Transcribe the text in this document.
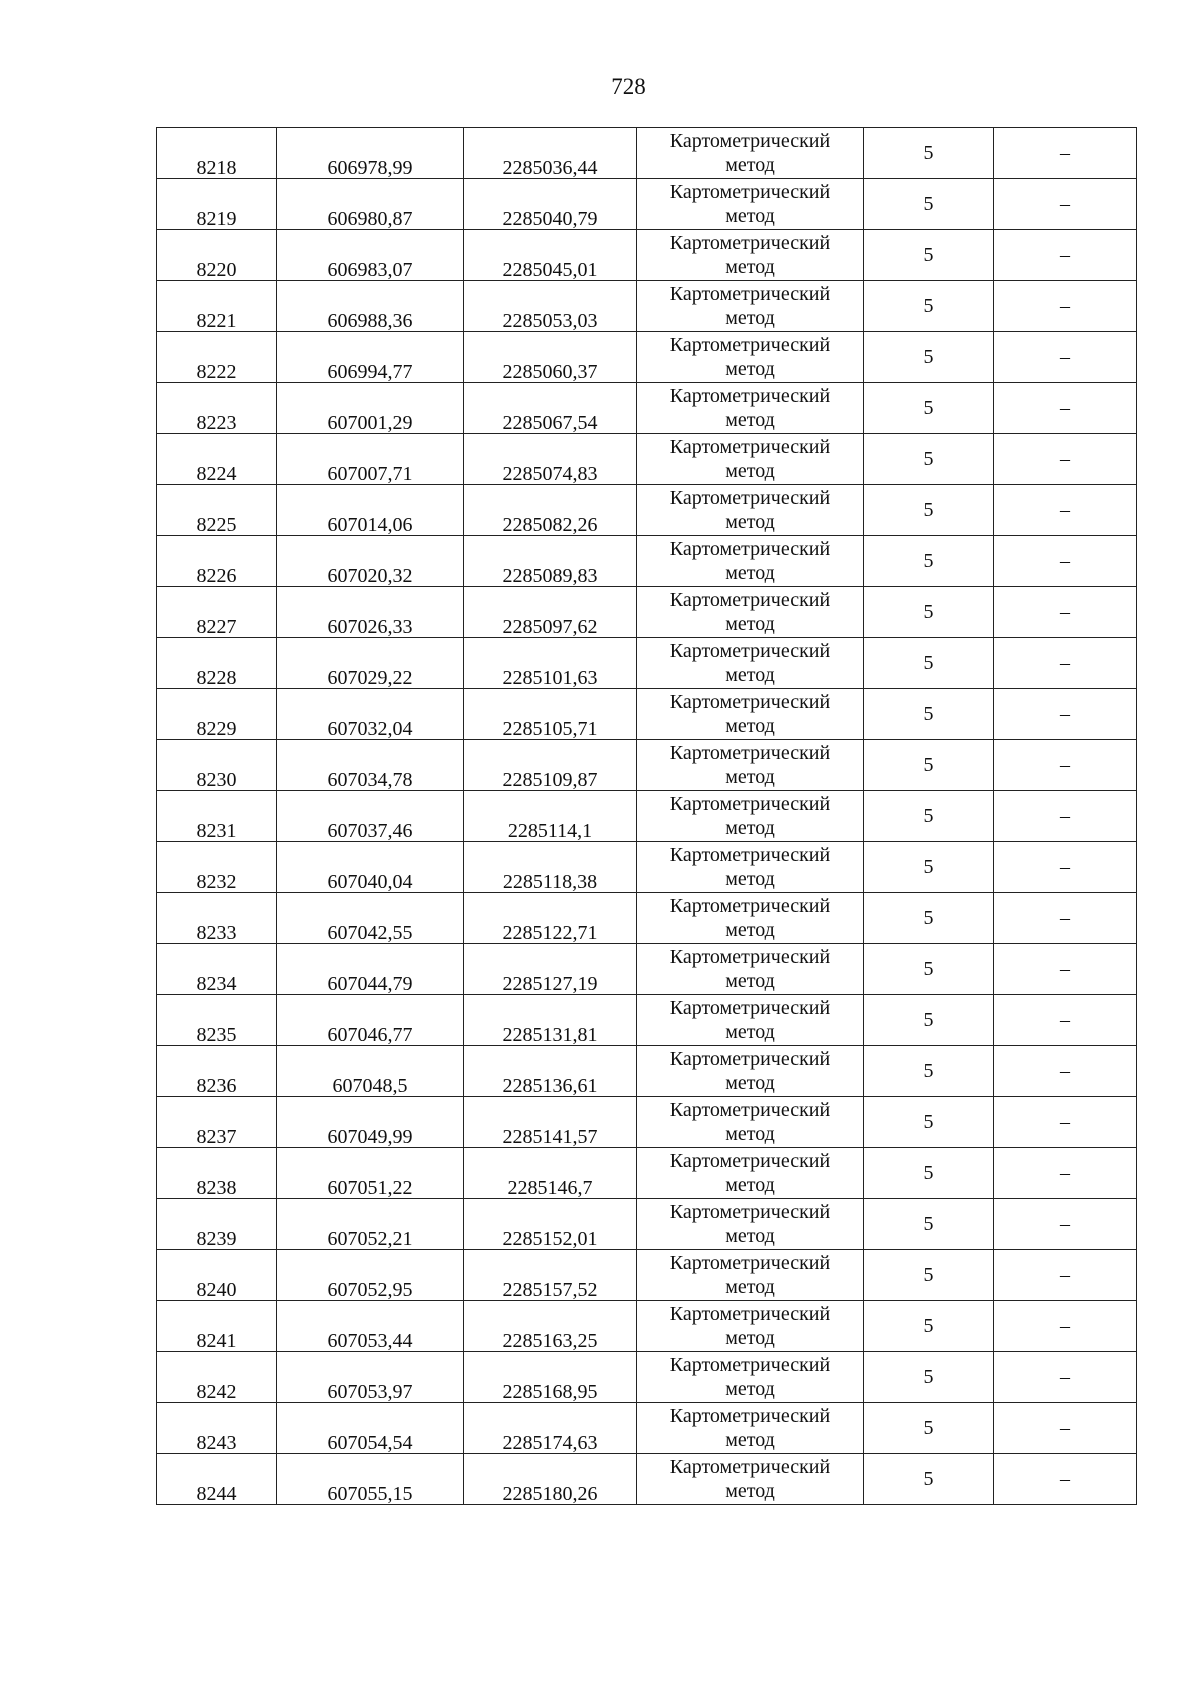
728
8218	606978,99	2285036,44	Картометрический
метод	5	–
8219	606980,87	2285040,79	Картометрический
метод	5	–
8220	606983,07	2285045,01	Картометрический
метод	5	–
8221	606988,36	2285053,03	Картометрический
метод	5	–
8222	606994,77	2285060,37	Картометрический
метод	5	–
8223	607001,29	2285067,54	Картометрический
метод	5	–
8224	607007,71	2285074,83	Картометрический
метод	5	–
8225	607014,06	2285082,26	Картометрический
метод	5	–
8226	607020,32	2285089,83	Картометрический
метод	5	–
8227	607026,33	2285097,62	Картометрический
метод	5	–
8228	607029,22	2285101,63	Картометрический
метод	5	–
8229	607032,04	2285105,71	Картометрический
метод	5	–
8230	607034,78	2285109,87	Картометрический
метод	5	–
8231	607037,46	2285114,1	Картометрический
метод	5	–
8232	607040,04	2285118,38	Картометрический
метод	5	–
8233	607042,55	2285122,71	Картометрический
метод	5	–
8234	607044,79	2285127,19	Картометрический
метод	5	–
8235	607046,77	2285131,81	Картометрический
метод	5	–
8236	607048,5	2285136,61	Картометрический
метод	5	–
8237	607049,99	2285141,57	Картометрический
метод	5	–
8238	607051,22	2285146,7	Картометрический
метод	5	–
8239	607052,21	2285152,01	Картометрический
метод	5	–
8240	607052,95	2285157,52	Картометрический
метод	5	–
8241	607053,44	2285163,25	Картометрический
метод	5	–
8242	607053,97	2285168,95	Картометрический
метод	5	–
8243	607054,54	2285174,63	Картометрический
метод	5	–
8244	607055,15	2285180,26	Картометрический
метод	5	–
